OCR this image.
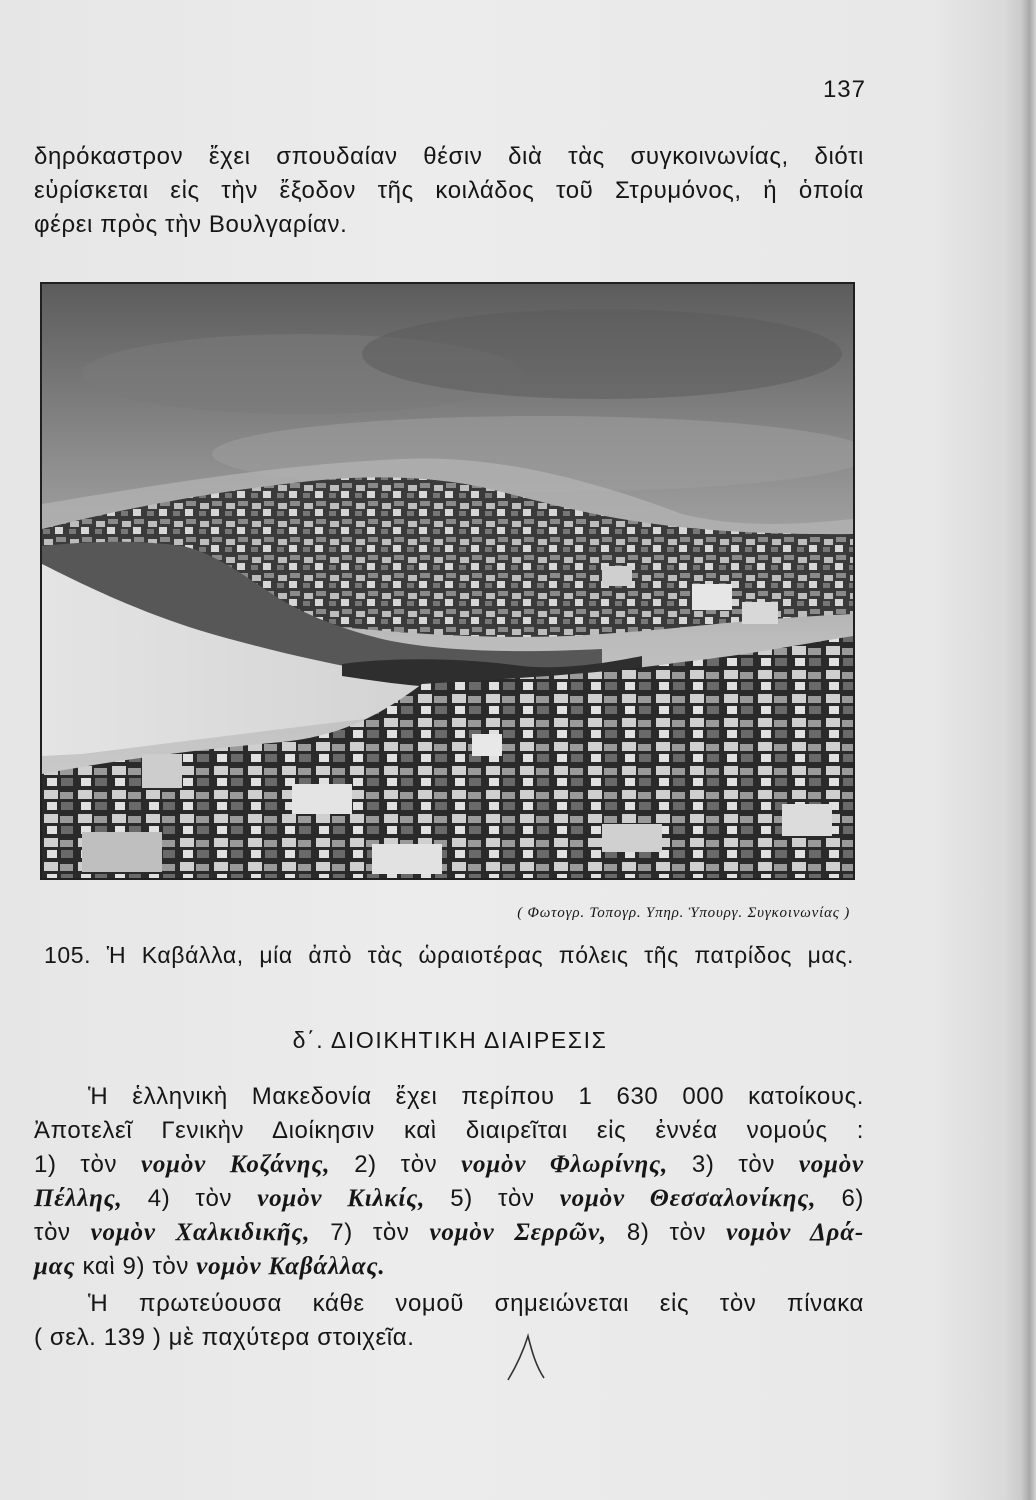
137

δηρόκαστρον ἔχει σπουδαίαν θέσιν διὰ τὰς συγκοινωνίας, διότι
εὑρίσκεται εἰς τὴν ἔξοδον τῆς κοιλάδος τοῦ Στρυμόνος, ἡ ὁποία
φέρει πρὸς τὴν Βουλγαρίαν.

( Φωτογρ. Τοπογρ. Υπηρ. Ὑπουργ. Συγκοινωνίας )
105. Ἡ Καβάλλα, μία ἀπὸ τὰς ὡραιοτέρας πόλεις τῆς πατρίδος μας.
δ΄. ΔΙΟΙΚΗΤΙΚΗ ΔΙΑΙΡΕΣΙΣ

Ἡ ἑλληνικὴ Μακεδονία ἔχει περίπου 1 630 000 κατοίκους.
Ἀποτελεῖ Γενικὴν Διοίκησιν καὶ διαιρεῖται εἰς ἐννέα νομούς :
1) τὸν νομὸν Κοζάνης, 2) τὸν νομὸν Φλωρίνης, 3) τὸν νομὸν
Πέλλης, 4) τὸν νομὸν Κιλκίς, 5) τὸν νομὸν Θεσσαλονίκης, 6)
τὸν νομὸν Χαλκιδικῆς, 7) τὸν νομὸν Σερρῶν, 8) τὸν νομὸν Δρά-
μας καὶ 9) τὸν νομὸν Καβάλλας.

Ἡ πρωτεύουσα κάθε νομοῦ σημειώνεται εἰς τὸν πίνακα
( σελ. 139 ) μὲ παχύτερα στοιχεῖα.
